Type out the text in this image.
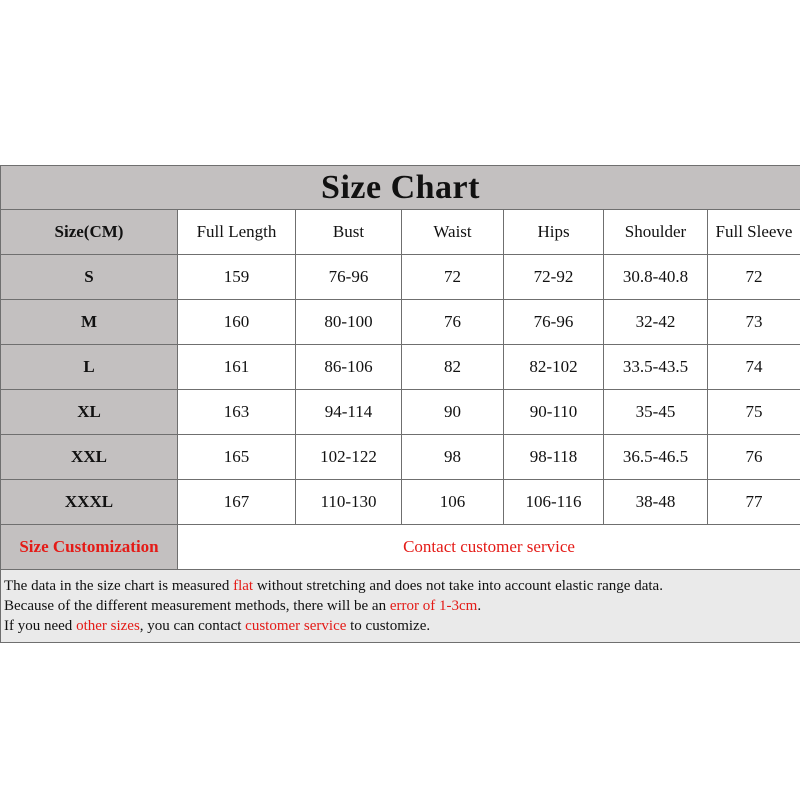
Size Chart						
Size(CM)	Full Length	Bust	Waist	Hips	Shoulder	Full Sleeve
S	159	76-96	72	72-92	30.8-40.8	72
M	160	80-100	76	76-96	32-42	73
L	161	86-106	82	82-102	33.5-43.5	74
XL	163	94-114	90	90-110	35-45	75
XXL	165	102-122	98	98-118	36.5-46.5	76
XXXL	167	110-130	106	106-116	38-48	77
Size Customization	Contact customer service					

The data in the size chart is measured flat without stretching and does not take into account elastic range data.
Because of the different measurement methods, there will be an error of 1-3cm.
If you need other sizes, you can contact customer service to customize.						
